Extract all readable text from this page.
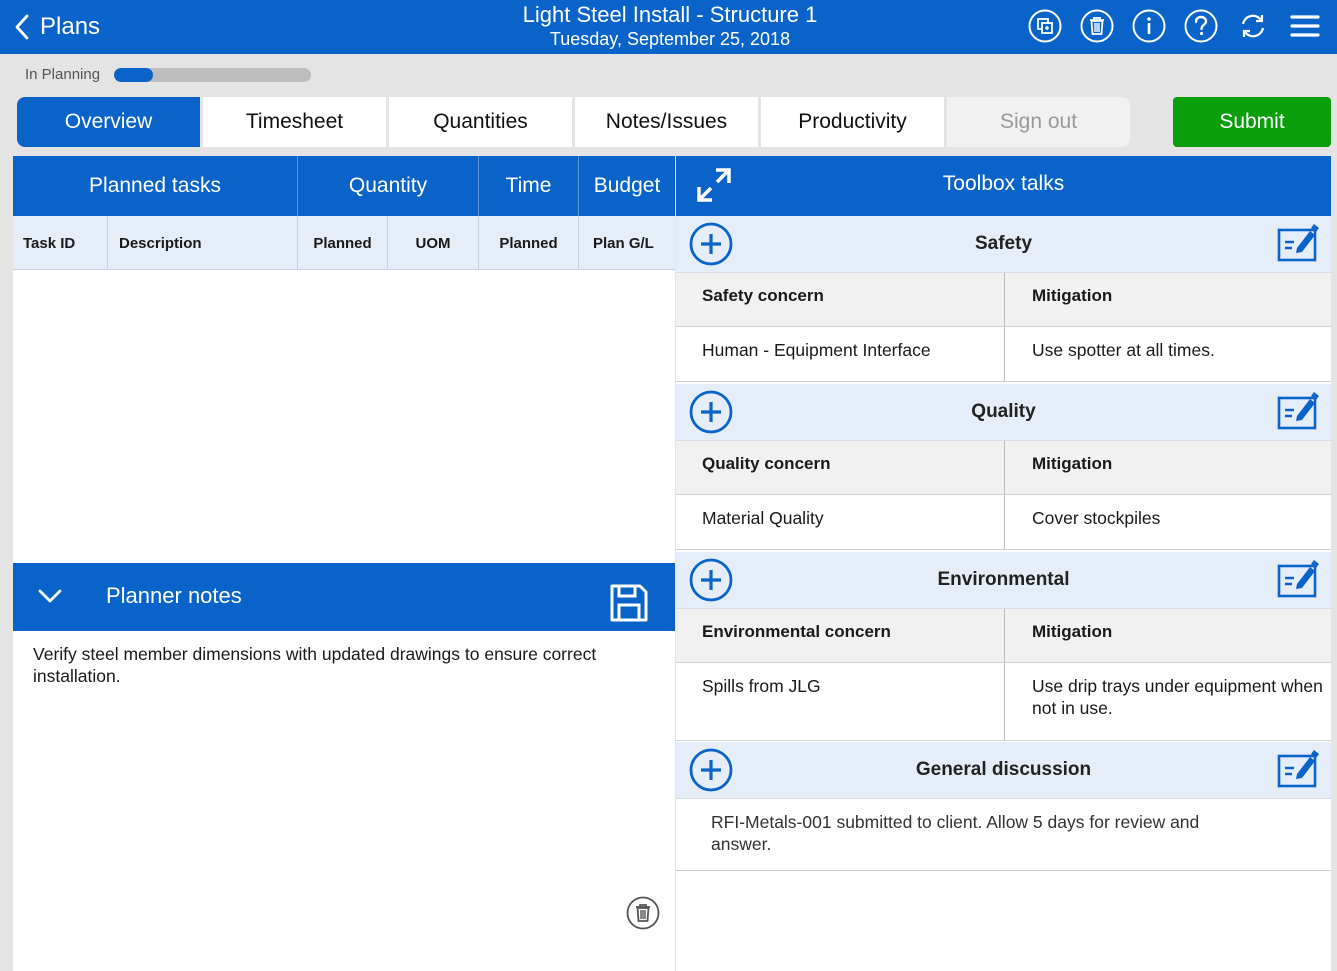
Plans	Light Steel Install - Structure 1
Tuesday, September 25, 2018
In Planning
Overview	Timesheet	Quantities	Notes/Issues	Productivity	Sign out	Submit
Planned tasks	Quantity	Time	Budget
Task ID	Description	Planned	UOM	Planned	Plan G/L
Planner notes
Verify steel member dimensions with updated drawings to ensure correct installation.
Toolbox talks
Safety
Safety concern	Mitigation
Human - Equipment Interface	Use spotter at all times.
Quality
Quality concern	Mitigation
Material Quality	Cover stockpiles
Environmental
Environmental concern	Mitigation
Spills from JLG	Use drip trays under equipment when not in use.
General discussion
RFI-Metals-001 submitted to client. Allow 5 days for review and answer.
